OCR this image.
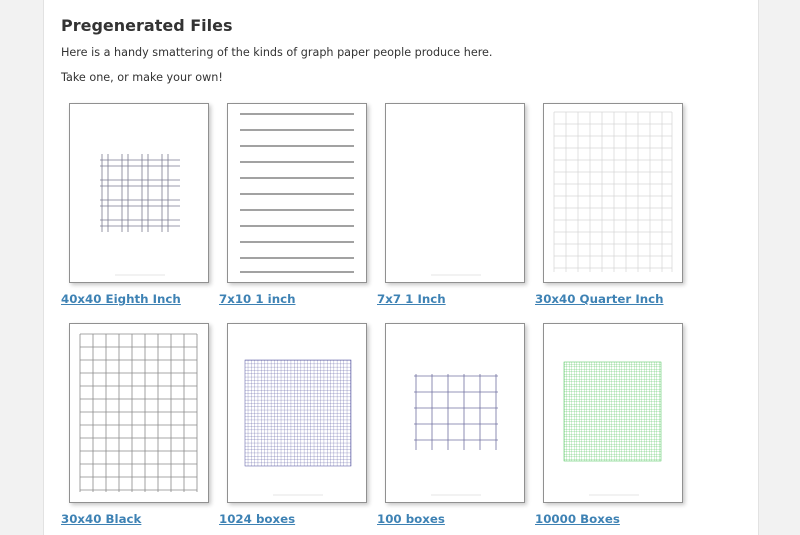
Pregenerated Files

Here is a handy smattering of the kinds of graph paper people produce here.

Take one, or make your own!

40x40 Eighth Inch	7x10 1 inch	7x7 1 Inch	30x40 Quarter Inch
30x40 Black	1024 boxes	100 boxes	10000 Boxes
